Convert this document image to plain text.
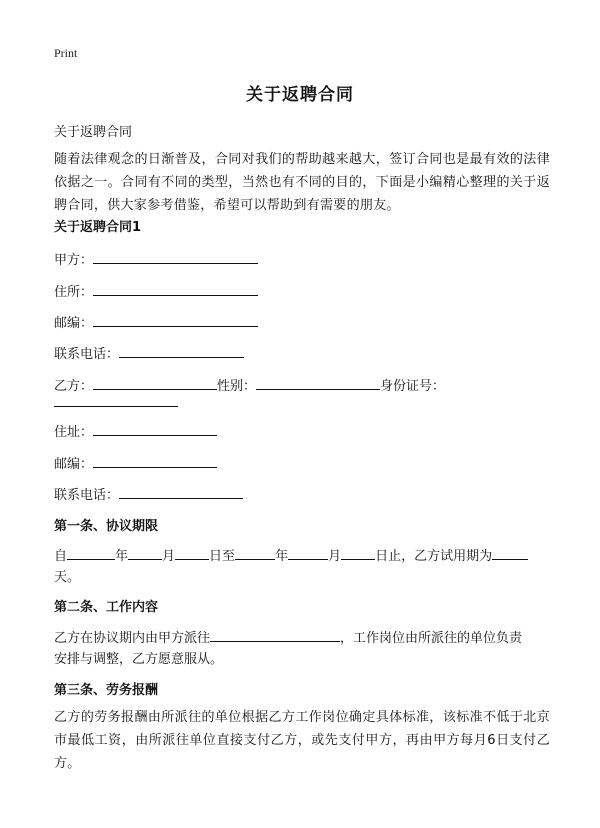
Print
关于返聘合同
关于返聘合同
随着法律观念的日渐普及，合同对我们的帮助越来越大，签订合同也是最有效的法律依据之一。合同有不同的类型，当然也有不同的目的，下面是小编精心整理的关于返聘合同，供大家参考借鉴，希望可以帮助到有需要的朋友。
关于返聘合同1
甲方：
住所：
邮编：
联系电话：
乙方：	性别：	身份证号：
住址：
邮编：
联系电话：
第一条、协议期限
自	年	月	日至	年	月	日止，乙方试用期为
天。
第二条、工作内容
乙方在协议期内由甲方派往	，工作岗位由所派往的单位负责
安排与调整，乙方愿意服从。
第三条、劳务报酬
乙方的劳务报酬由所派往的单位根据乙方工作岗位确定具体标准，该标准不低于北京市最低工资，由所派往单位直接支付乙方，或先支付甲方，再由甲方每月6日支付乙方。
